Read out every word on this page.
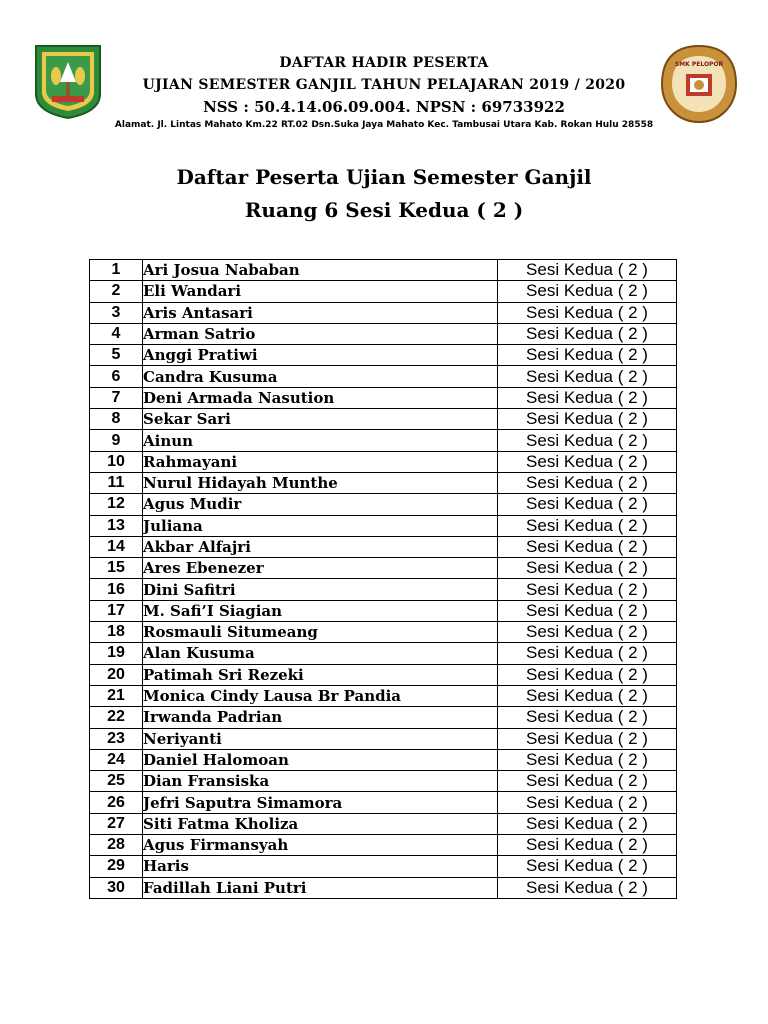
SMK PELOPOR
DAFTAR HADIR PESERTA
UJIAN SEMESTER GANJIL TAHUN PELAJARAN 2019 / 2020
NSS : 50.4.14.06.09.004. NPSN : 69733922
Alamat. Jl. Lintas Mahato Km.22 RT.02 Dsn.Suka Jaya Mahato Kec. Tambusai Utara Kab. Rokan Hulu 28558
Daftar Peserta Ujian Semester Ganjil
Ruang 6 Sesi Kedua ( 2 )
1	Ari Josua Nababan	Sesi Kedua ( 2 )
2	Eli Wandari	Sesi Kedua ( 2 )
3	Aris Antasari	Sesi Kedua ( 2 )
4	Arman Satrio	Sesi Kedua ( 2 )
5	Anggi Pratiwi	Sesi Kedua ( 2 )
6	Candra Kusuma	Sesi Kedua ( 2 )
7	Deni Armada Nasution	Sesi Kedua ( 2 )
8	Sekar Sari	Sesi Kedua ( 2 )
9	Ainun	Sesi Kedua ( 2 )
10	Rahmayani	Sesi Kedua ( 2 )
11	Nurul Hidayah Munthe	Sesi Kedua ( 2 )
12	Agus Mudir	Sesi Kedua ( 2 )
13	Juliana	Sesi Kedua ( 2 )
14	Akbar Alfajri	Sesi Kedua ( 2 )
15	Ares Ebenezer	Sesi Kedua ( 2 )
16	Dini Safitri	Sesi Kedua ( 2 )
17	M. Safi’I Siagian	Sesi Kedua ( 2 )
18	Rosmauli Situmeang	Sesi Kedua ( 2 )
19	Alan Kusuma	Sesi Kedua ( 2 )
20	Patimah Sri Rezeki	Sesi Kedua ( 2 )
21	Monica Cindy Lausa Br Pandia	Sesi Kedua ( 2 )
22	Irwanda Padrian	Sesi Kedua ( 2 )
23	Neriyanti	Sesi Kedua ( 2 )
24	Daniel Halomoan	Sesi Kedua ( 2 )
25	Dian Fransiska	Sesi Kedua ( 2 )
26	Jefri Saputra Simamora	Sesi Kedua ( 2 )
27	Siti Fatma Kholiza	Sesi Kedua ( 2 )
28	Agus Firmansyah	Sesi Kedua ( 2 )
29	Haris	Sesi Kedua ( 2 )
30	Fadillah Liani Putri	Sesi Kedua ( 2 )
